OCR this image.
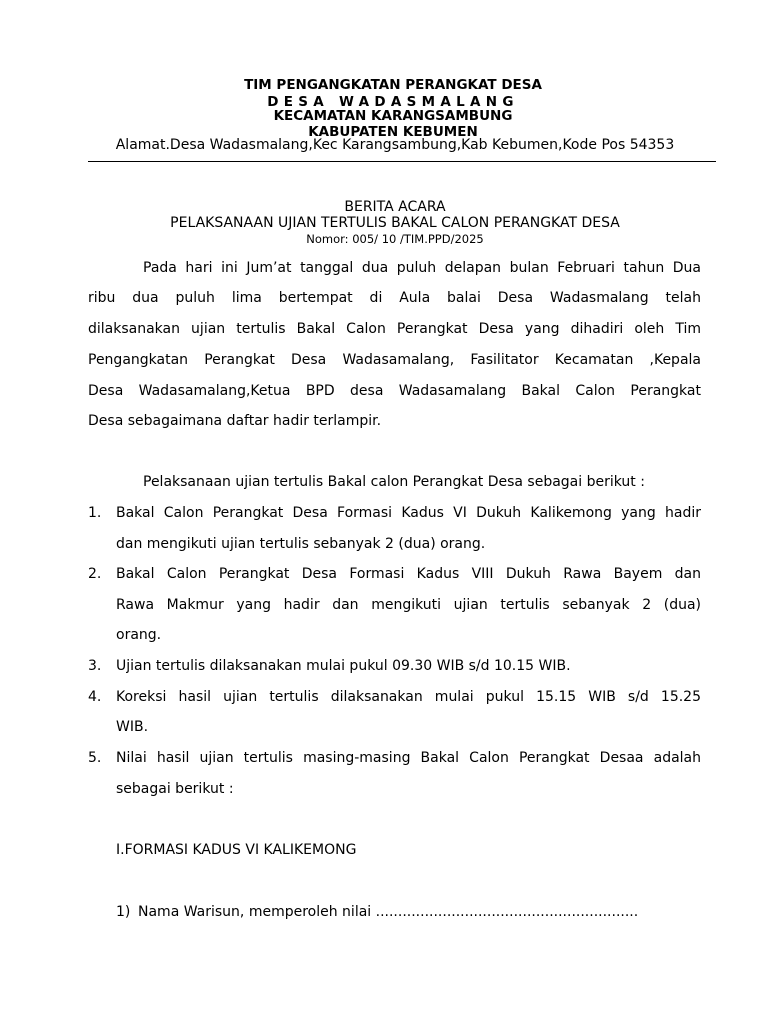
TIM PENGANGKATAN PERANGKAT DESA
DESA WADASMALANG
KECAMATAN KARANGSAMBUNG
KABUPATEN KEBUMEN
Alamat.Desa Wadasmalang,Kec Karangsambung,Kab Kebumen,Kode Pos 54353
BERITA ACARA
PELAKSANAAN UJIAN TERTULIS BAKAL CALON PERANGKAT DESA
Nomor: 005/ 10 /TIM.PPD/2025
Pada hari ini Jum’at tanggal dua puluh delapan bulan Februari tahun Dua
ribu dua puluh lima bertempat di Aula balai Desa Wadasmalang telah
dilaksanakan ujian tertulis Bakal Calon Perangkat Desa yang dihadiri oleh Tim
Pengangkatan Perangkat Desa Wadasamalang, Fasilitator Kecamatan ,Kepala
Desa Wadasamalang,Ketua BPD desa Wadasamalang Bakal Calon Perangkat
Desa sebagaimana daftar hadir terlampir.
Pelaksanaan ujian tertulis Bakal calon Perangkat Desa sebagai berikut :
1. Bakal Calon Perangkat Desa Formasi Kadus VI Dukuh Kalikemong yang hadir
dan mengikuti ujian tertulis sebanyak 2 (dua) orang.
2. Bakal Calon Perangkat Desa Formasi Kadus VIII Dukuh Rawa Bayem dan
Rawa Makmur yang hadir dan mengikuti ujian tertulis sebanyak 2 (dua)
orang.
3. Ujian tertulis dilaksanakan mulai pukul 09.30 WIB s/d 10.15 WIB.
4. Koreksi hasil ujian tertulis dilaksanakan mulai pukul 15.15 WIB s/d 15.25
WIB.
5. Nilai hasil ujian tertulis masing-masing Bakal Calon Perangkat Desaa adalah
sebagai berikut :
I.FORMASI KADUS VI KALIKEMONG
1) Nama Warisun, memperoleh nilai ...........................................................
